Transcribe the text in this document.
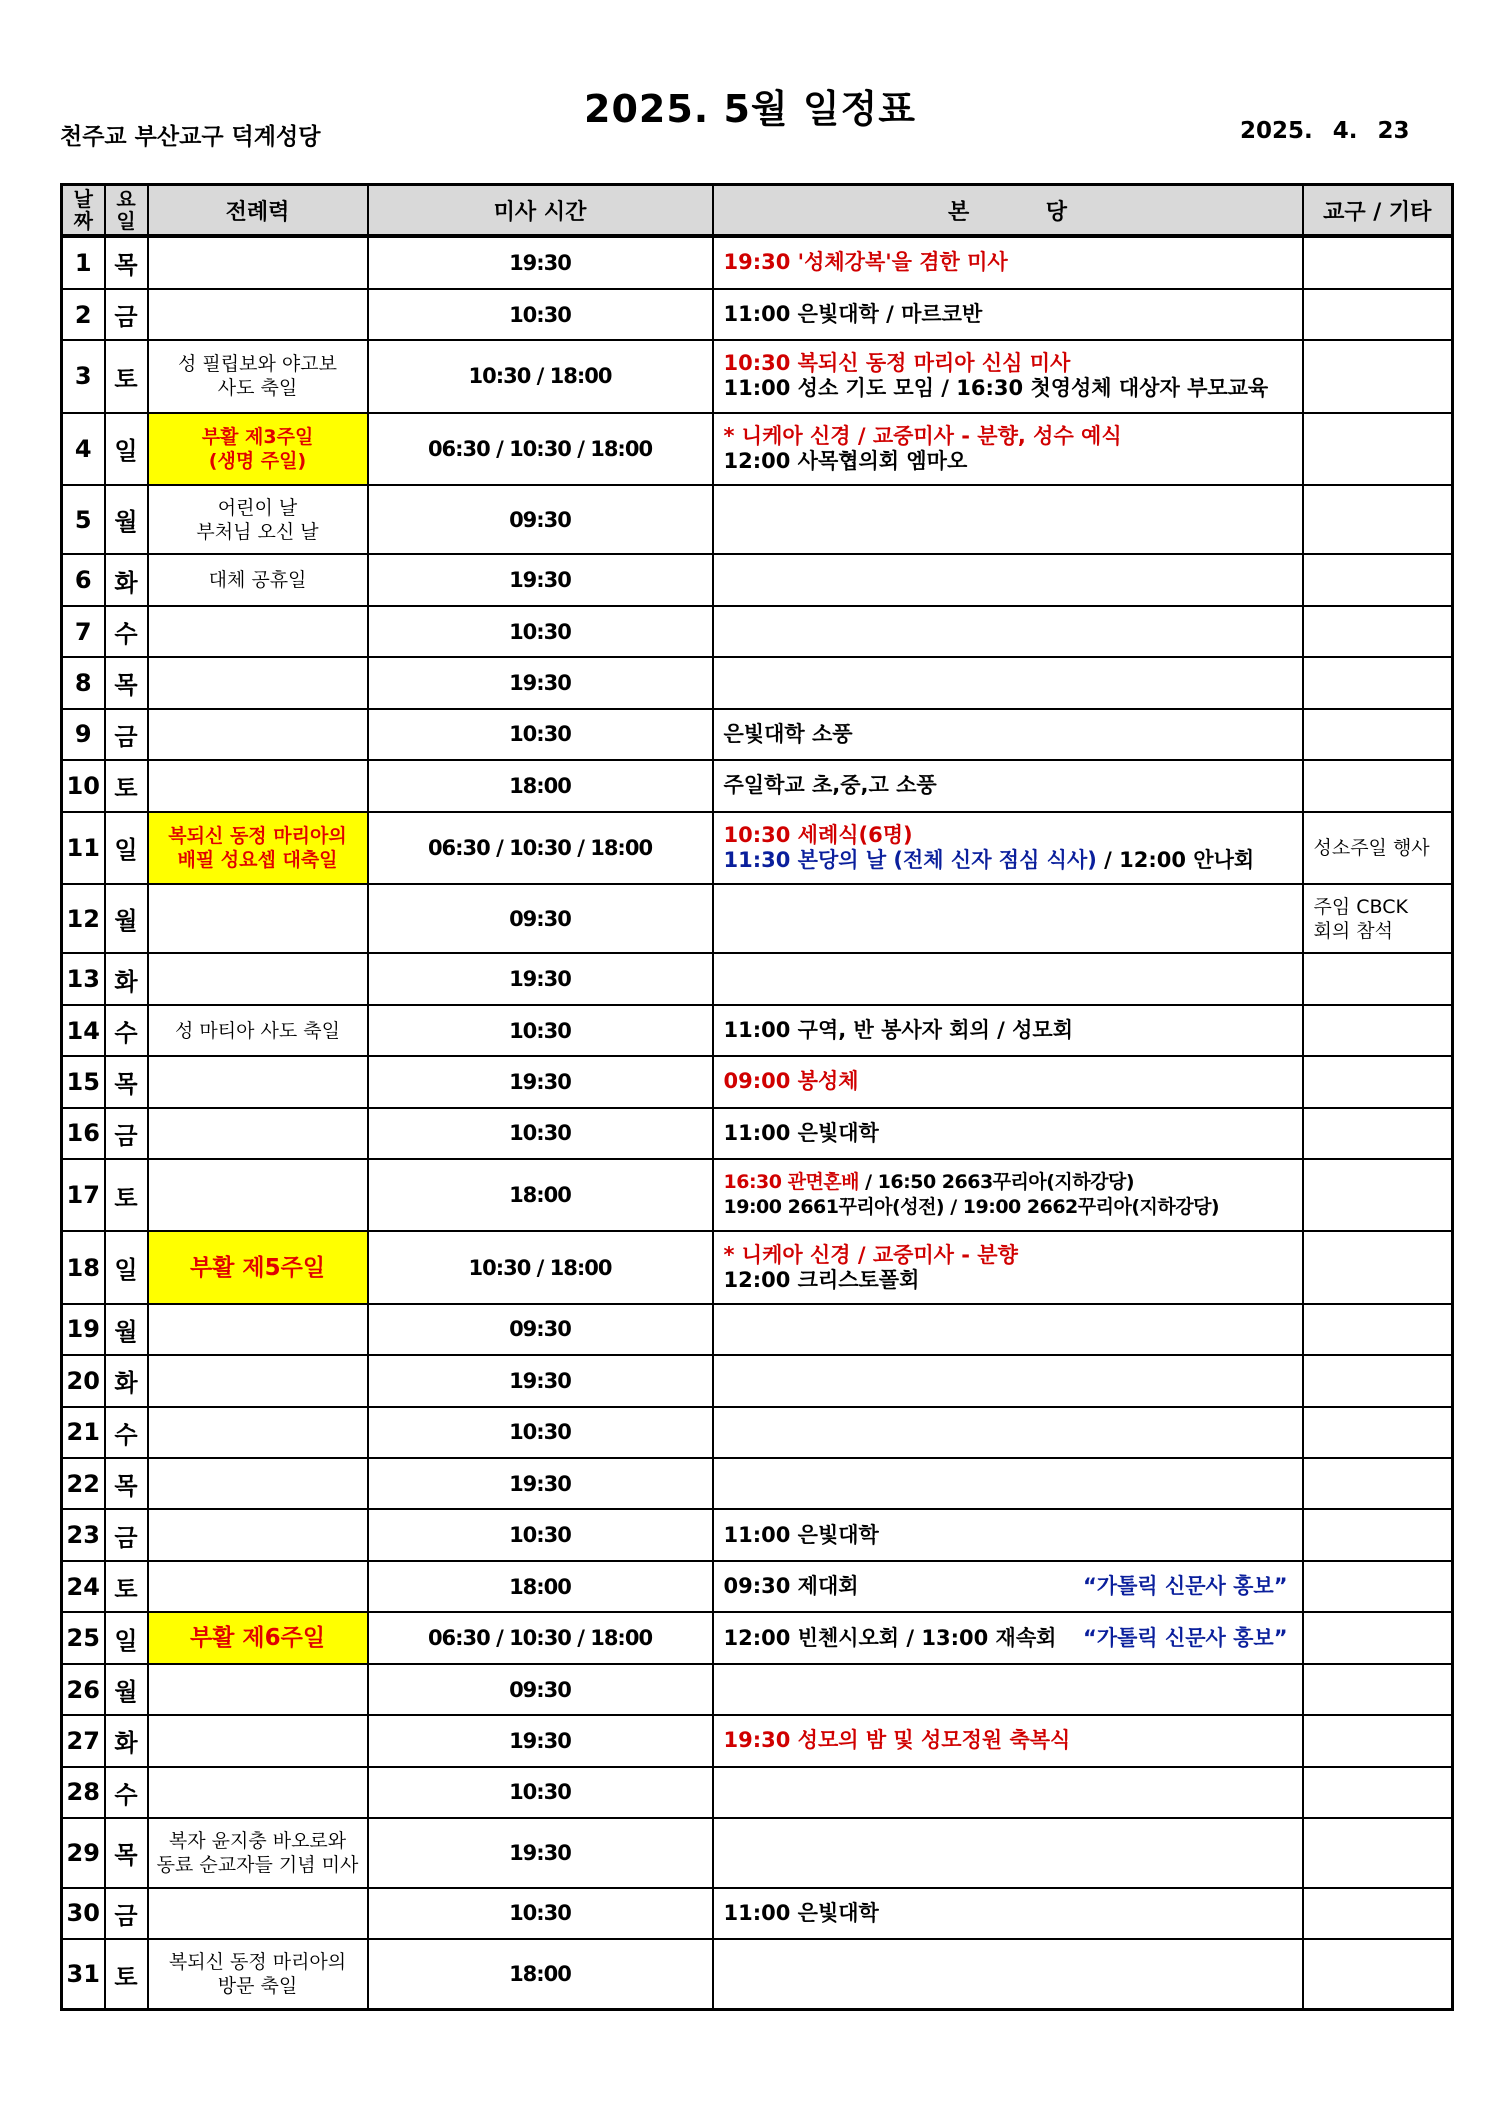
2025. 5월 일정표
천주교 부산교구 덕계성당	2025. 4. 23
날
짜	요
일	전례력	미사 시간	본          당	교구 / 기타
1	목		19:30	19:30 '성체강복'을 겸한 미사	

2	금		10:30	11:00 은빛대학 / 마르코반	

3	토	성 필립보와 야고보
사도 축일	10:30 / 18:00	10:30 복되신 동정 마리아 신심 미사
11:00 성소 기도 모임 / 16:30 첫영성체 대상자 부모교육	

4	일	부활 제3주일
(생명 주일)	06:30 / 10:30 / 18:00	* 니케아 신경 / 교중미사 - 분향, 성수 예식
12:00 사목협의회 엠마오	

5	월	어린이 날
부처님 오신 날	09:30		
6	화	대체 공휴일	19:30		
7	수		10:30		
8	목		19:30		
9	금		10:30	은빛대학 소풍	

10	토		18:00	주일학교 초,중,고 소풍	

11	일	복되신 동정 마리아의
배필 성요셉 대축일	06:30 / 10:30 / 18:00	10:30 세례식(6명)
11:30 본당의 날 (전체 신자 점심 식사) / 12:00 안나회	성소주일 행사

12	월		09:30		주임 CBCK
회의 참석

13	화		19:30		
14	수	성 마티아 사도 축일	10:30	11:00 구역, 반 봉사자 회의 / 성모회	

15	목		19:30	09:00 봉성체	

16	금		10:30	11:00 은빛대학	

17	토		18:00	16:30 관면혼배 / 16:50 2663꾸리아(지하강당)
19:00 2661꾸리아(성전) / 19:00 2662꾸리아(지하강당)	

18	일	부활 제5주일	10:30 / 18:00	* 니케아 신경 / 교중미사 - 분향
12:00 크리스토폴회	

19	월		09:30		
20	화		19:30		
21	수		10:30		
22	목		19:30		
23	금		10:30	11:00 은빛대학	

24	토		18:00	09:30 제대회 “가톨릭 신문사 홍보”	

25	일	부활 제6주일	06:30 / 10:30 / 18:00	12:00 빈첸시오회 / 13:00 재속회 “가톨릭 신문사 홍보”	

26	월		09:30		
27	화		19:30	19:30 성모의 밤 및 성모정원 축복식	

28	수		10:30		
29	목	복자 윤지충 바오로와
동료 순교자들 기념 미사	19:30		
30	금		10:30	11:00 은빛대학	

31	토	복되신 동정 마리아의
방문 축일	18:00		
